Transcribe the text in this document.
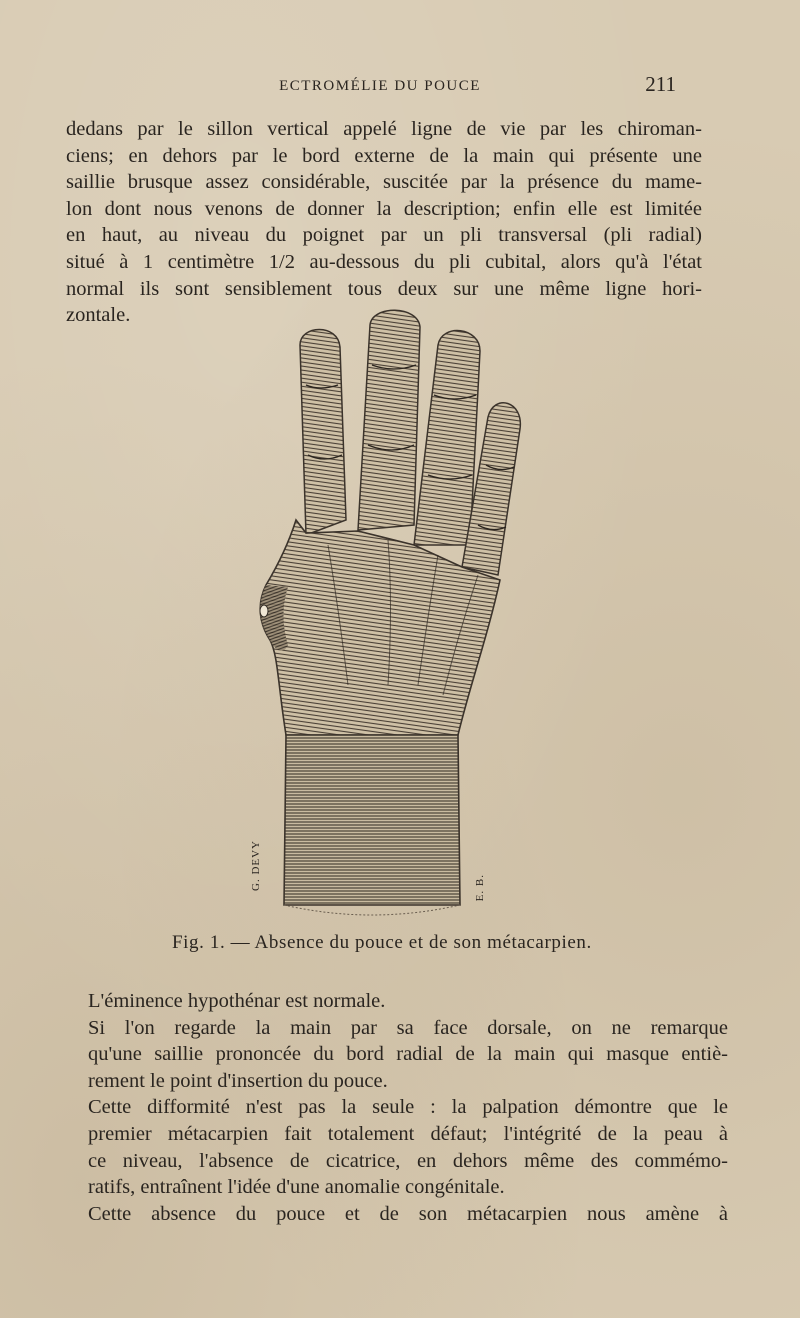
ECTROMÉLIE DU POUCE	211
dedans par le sillon vertical appelé ligne de vie par les chiroman-
ciens; en dehors par le bord externe de la main qui présente une
saillie brusque assez considérable, suscitée par la présence du mame-
lon dont nous venons de donner la description; enfin elle est limitée
en haut, au niveau du poignet par un pli transversal (pli radial)
situé à 1 centimètre 1/2 au-dessous du pli cubital, alors qu'à l'état
normal ils sont sensiblement tous deux sur une même ligne hori-
zontale.
G. DEVY	E. B.
Fig. 1. — Absence du pouce et de son métacarpien.
L'éminence hypothénar est normale.
Si l'on regarde la main par sa face dorsale, on ne remarque
qu'une saillie prononcée du bord radial de la main qui masque entiè-
rement le point d'insertion du pouce.
Cette difformité n'est pas la seule : la palpation démontre que le
premier métacarpien fait totalement défaut; l'intégrité de la peau à
ce niveau, l'absence de cicatrice, en dehors même des commémo-
ratifs, entraînent l'idée d'une anomalie congénitale.
Cette absence du pouce et de son métacarpien nous amène à
